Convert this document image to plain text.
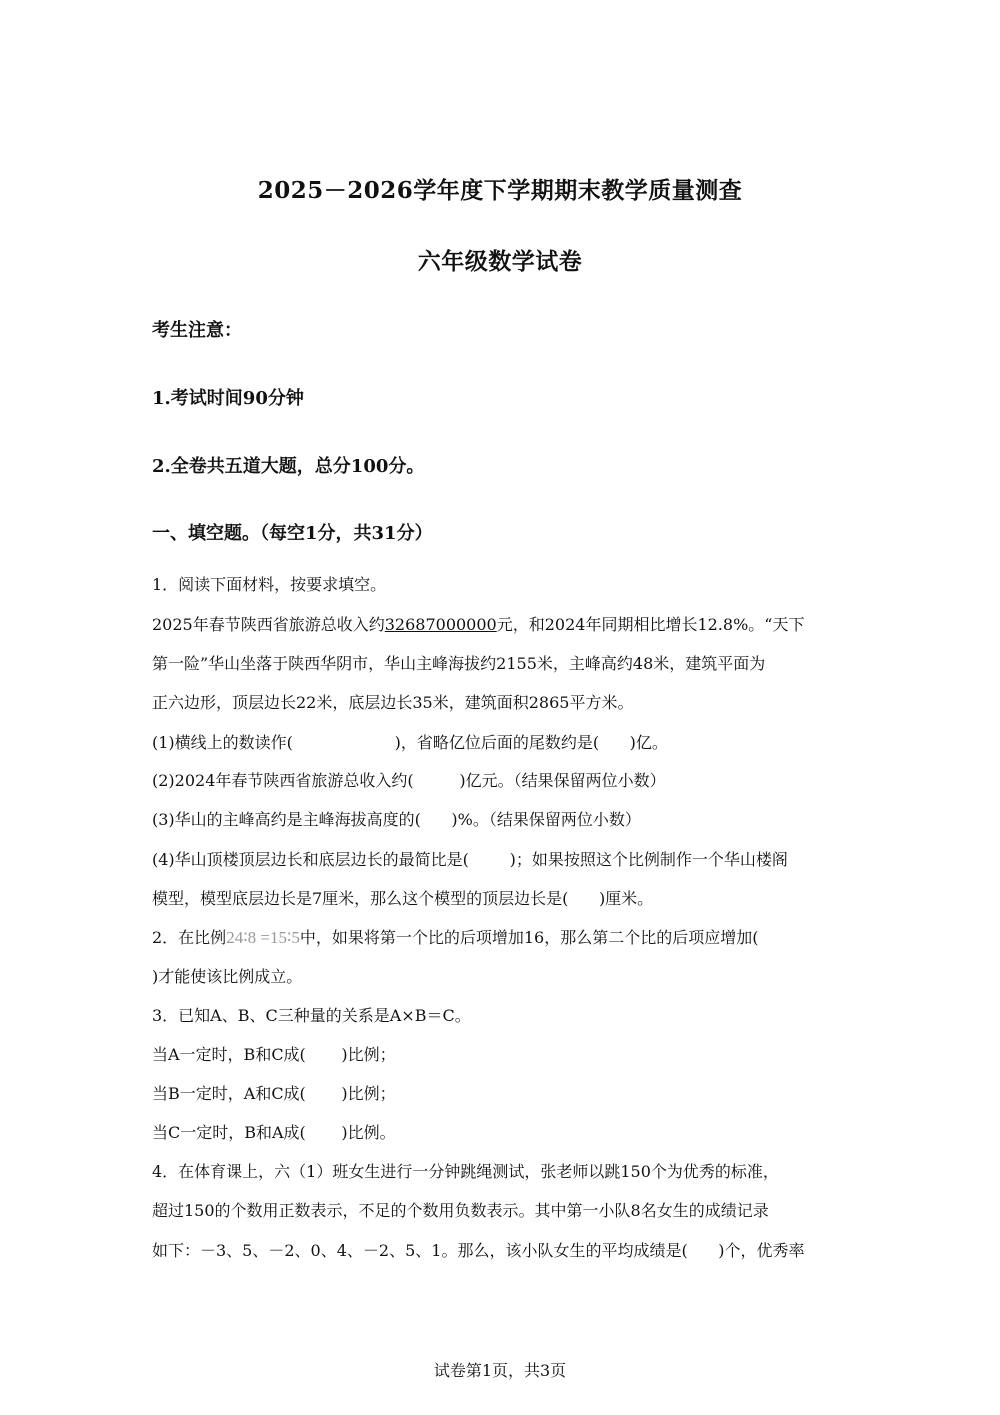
2025－2026学年度下学期期末教学质量测查
六年级数学试卷
考生注意：
1.考试时间90分钟
2.全卷共五道大题，总分100分。
一、填空题。（每空1分，共31分）
1．阅读下面材料，按要求填空。
2025年春节陕西省旅游总收入约32687000000元，和2024年同期相比增长12.8%。“天下
第一险”华山坐落于陕西华阴市，华山主峰海拔约2155米，主峰高约48米，建筑平面为
正六边形，顶层边长22米，底层边长35米，建筑面积2865平方米。
(1)横线上的数读作(                    )，省略亿位后面的尾数约是(      )亿。
(2)2024年春节陕西省旅游总收入约(         )亿元。（结果保留两位小数）
(3)华山的主峰高约是主峰海拔高度的(      )%。（结果保留两位小数）
(4)华山顶楼顶层边长和底层边长的最简比是(        )；如果按照这个比例制作一个华山楼阁
模型，模型底层边长是7厘米，那么这个模型的顶层边长是(      )厘米。
2．在比例24∶8 =15∶5中，如果将第一个比的后项增加16，那么第二个比的后项应增加(
)才能使该比例成立。
3．已知A、B、C三种量的关系是A×B＝C。
当A一定时，B和C成(       )比例；
当B一定时，A和C成(       )比例；
当C一定时，B和A成(       )比例。
4．在体育课上，六（1）班女生进行一分钟跳绳测试，张老师以跳150个为优秀的标准，
超过150的个数用正数表示，不足的个数用负数表示。其中第一小队8名女生的成绩记录
如下：－3、5、－2、0、4、－2、5、1。那么，该小队女生的平均成绩是(      )个，优秀率
试卷第1页，共3页
